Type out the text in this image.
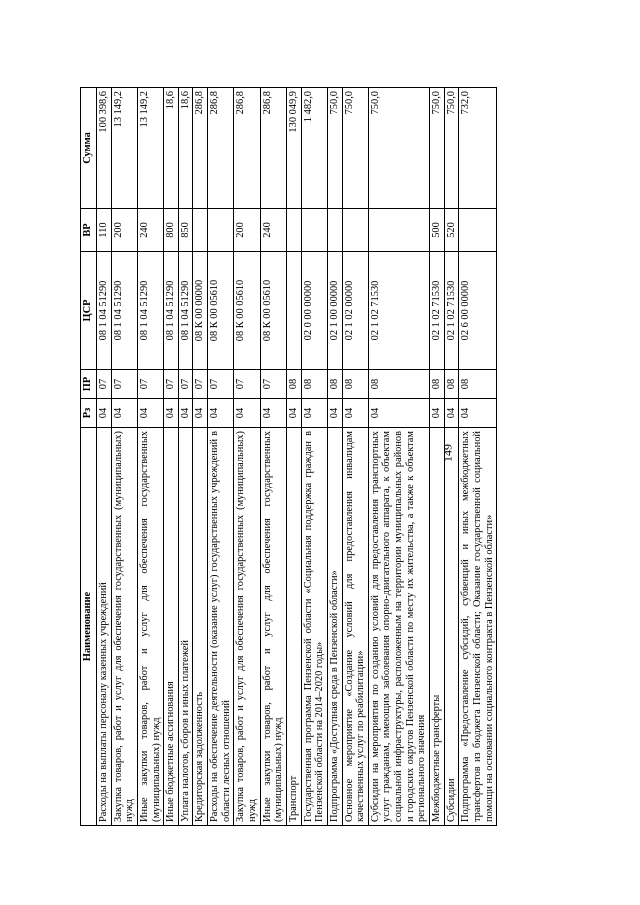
149
Наименование	Рз	ПР	ЦСР	ВР	Сумма
Расходы на выплаты персоналу казенных учреждений	04	07	08 1 04 51290	110	100 398,6
Закупка товаров, работ и услуг для обеспечения государственных (муниципальных) нужд	04	07	08 1 04 51290	200	13 149,2
Иные закупки товаров, работ и услуг для обеспечения государственных (муниципальных) нужд	04	07	08 1 04 51290	240	13 149,2
Иные бюджетные ассигнования	04	07	08 1 04 51290	800	18,6
Уплата налогов, сборов и иных платежей	04	07	08 1 04 51290	850	18,6
Кредиторская задолженность	04	07	08 К 00 00000		286,8
Расходы на обеспечение деятельности (оказание услуг) государственных учреждений в области лесных отношений	04	07	08 К 00 05610		286,8
Закупка товаров, работ и услуг для обеспечения государственных (муниципальных) нужд	04	07	08 К 00 05610	200	286,8
Иные закупки товаров, работ и услуг для обеспечения государственных (муниципальных) нужд	04	07	08 К 00 05610	240	286,8
Транспорт	04	08			130 049,9
Государственная программа Пензенской области «Социальная поддержка граждан в Пензенской области на 2014–2020 годы»	04	08	02 0 00 00000		1 482,0
Подпрограмма «Доступная среда в Пензенской области»	04	08	02 1 00 00000		750,0
Основное мероприятие «Создание условий для предоставления инвалидам качественных услуг по реабилитации»	04	08	02 1 02 00000		750,0
Субсидии на мероприятия по созданию условий для предоставления транспортных услуг гражданам, имеющим заболевания опорно-двигательного аппарата, к объектам социальной инфраструктуры, расположенным на территории муниципальных районов и городских округов Пензенской области по месту их жительства, а также к объектам регионального значения	04	08	02 1 02 71530		750,0
Межбюджетные трансферты	04	08	02 1 02 71530	500	750,0
Субсидии	04	08	02 1 02 71530	520	750,0
Подпрограмма «Предоставление субсидий, субвенций и иных межбюджетных трансфертов из бюджета Пензенской области; Оказание государственной социальной помощи на основании социального контракта в Пензенской области»	04	08	02 6 00 00000		732,0
